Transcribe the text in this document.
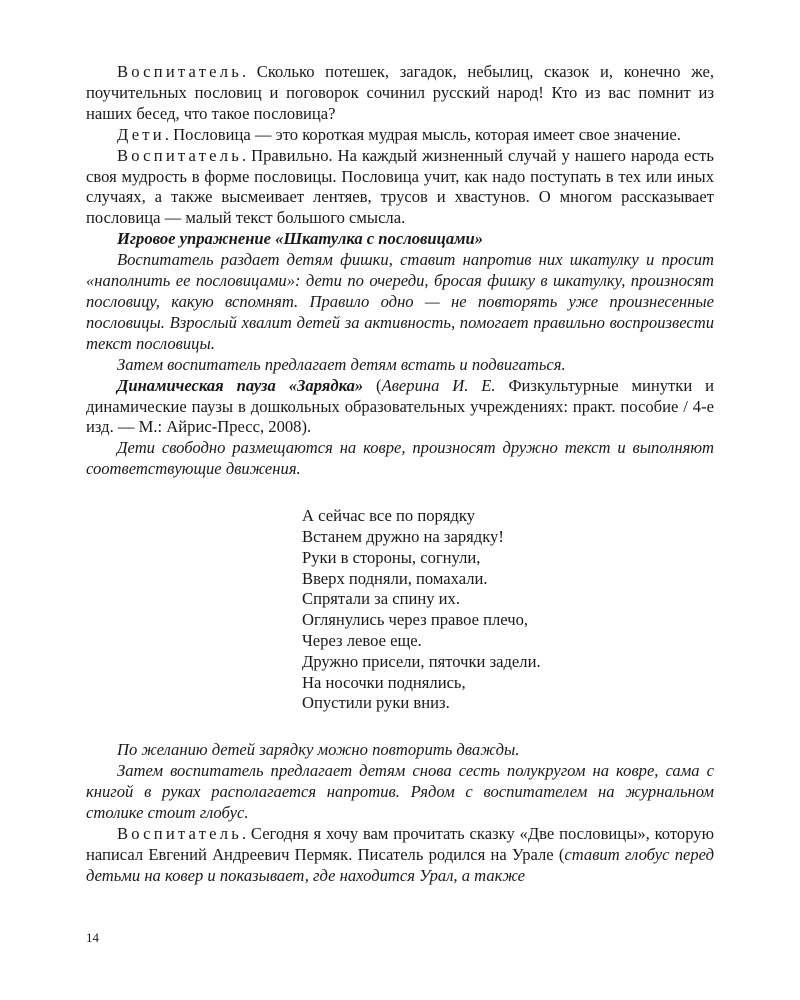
Воспитатель. Сколько потешек, загадок, небылиц, сказок и, конечно же, поучительных пословиц и поговорок сочинил русский народ! Кто из вас помнит из наших бесед, что такое пословица?

Дети. Пословица — это короткая мудрая мысль, которая имеет свое значение.

Воспитатель. Правильно. На каждый жизненный случай у нашего народа есть своя мудрость в форме пословицы. Пословица учит, как надо поступать в тех или иных случаях, а также высмеивает лентяев, трусов и хвастунов. О многом рассказывает пословица — малый текст большого смысла.

Игровое упражнение «Шкатулка с пословицами»

Воспитатель раздает детям фишки, ставит напротив них шкатулку и просит «наполнить ее пословицами»: дети по очереди, бросая фишку в шкатулку, произносят пословицу, какую вспомнят. Правило одно — не повторять уже произнесенные пословицы. Взрослый хвалит детей за активность, помогает правильно воспроизвести текст пословицы.

Затем воспитатель предлагает детям встать и подвигаться.

Динамическая пауза «Зарядка» (Аверина И. Е. Физкультурные минутки и динамические паузы в дошкольных образовательных учреждениях: практ. пособие / 4-е изд. — М.: Айрис-Пресс, 2008).

Дети свободно размещаются на ковре, произносят дружно текст и выполняют соответствующие движения.

А сейчас все по порядку
Встанем дружно на зарядку!
Руки в стороны, согнули,
Вверх подняли, помахали.
Спрятали за спину их.
Оглянулись через правое плечо,
Через левое еще.
Дружно присели, пяточки задели.
На носочки поднялись,
Опустили руки вниз.

По желанию детей зарядку можно повторить дважды.

Затем воспитатель предлагает детям снова сесть полукругом на ковре, сама с книгой в руках располагается напротив. Рядом с воспитателем на журнальном столике стоит глобус.

Воспитатель. Сегодня я хочу вам прочитать сказку «Две пословицы», которую написал Евгений Андреевич Пермяк. Писатель родился на Урале (ставит глобус перед детьми на ковер и показывает, где находится Урал, а также

14
